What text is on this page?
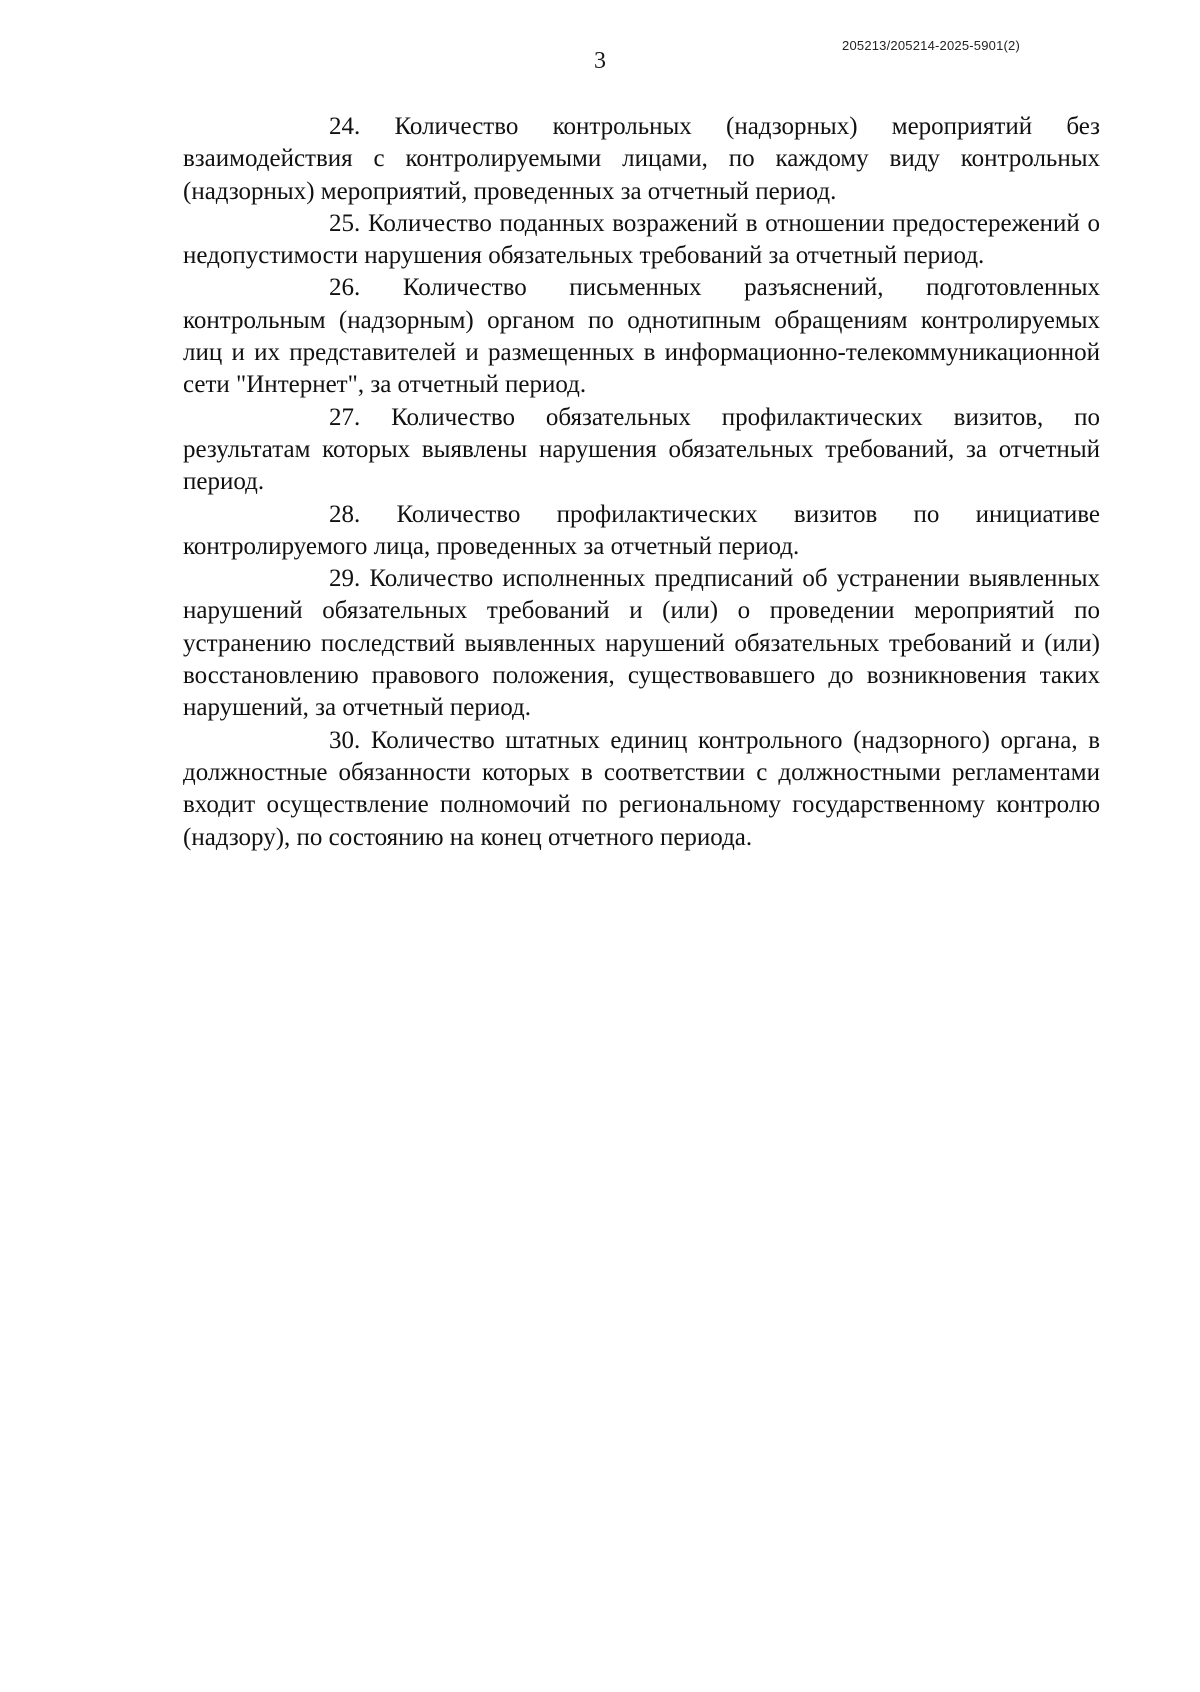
205213/205214-2025-5901(2)
3

24. Количество контрольных (надзорных) мероприятий без взаимодействия с контролируемыми лицами, по каждому виду контрольных (надзорных) мероприятий, проведенных за отчетный период.

25. Количество поданных возражений в отношении предостережений о недопустимости нарушения обязательных требований за отчетный период.

26. Количество письменных разъяснений, подготовленных контрольным (надзорным) органом по однотипным обращениям контролируемых лиц и их представителей и размещенных в информационно-телекоммуникационной сети "Интернет", за отчетный период.

27. Количество обязательных профилактических визитов, по результатам которых выявлены нарушения обязательных требований, за отчетный период.

28. Количество профилактических визитов по инициативе контролируемого лица, проведенных за отчетный период.

29. Количество исполненных предписаний об устранении выявленных нарушений обязательных требований и (или) о проведении мероприятий по устранению последствий выявленных нарушений обязательных требований и (или) восстановлению правового положения, существовавшего до возникновения таких нарушений, за отчетный период.

30. Количество штатных единиц контрольного (надзорного) органа, в должностные обязанности которых в соответствии с должностными регламентами входит осуществление полномочий по региональному государственному контролю (надзору), по состоянию на конец отчетного периода.
